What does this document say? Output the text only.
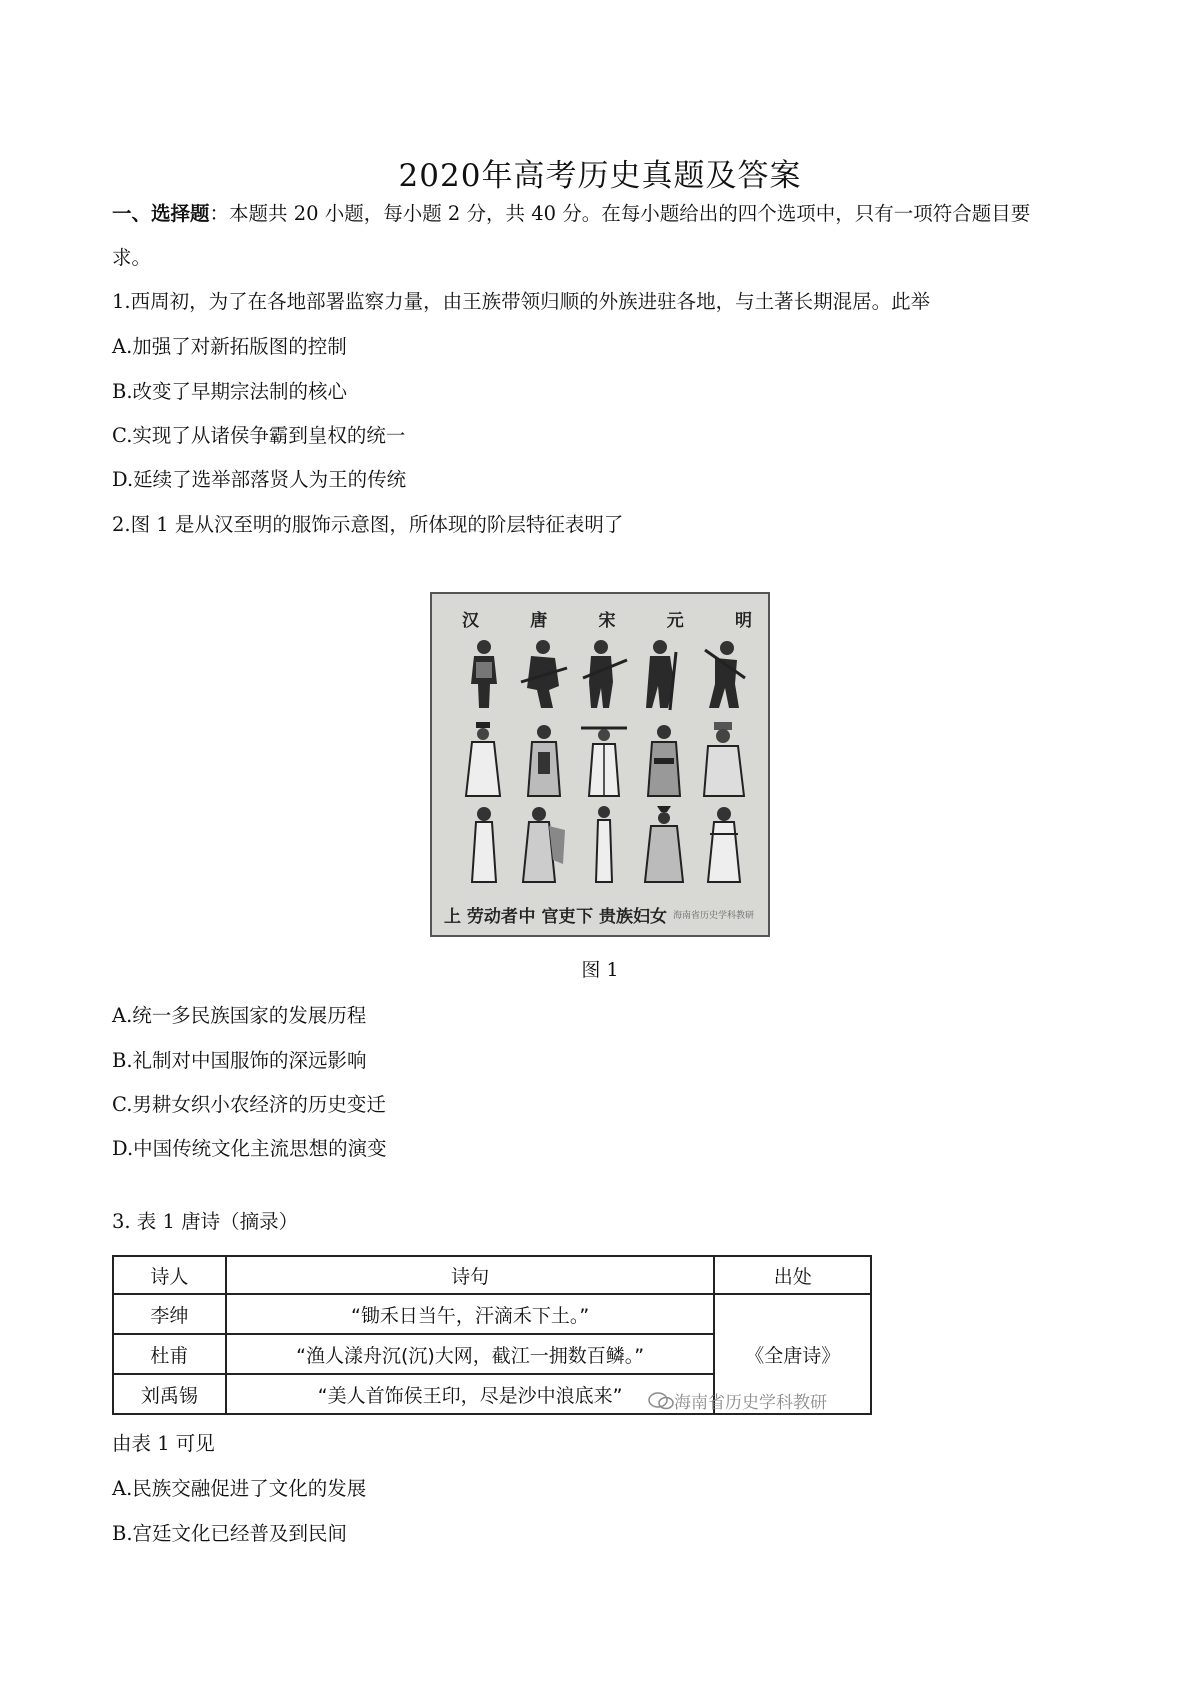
2020年高考历史真题及答案
一、选择题：本题共 20 小题，每小题 2 分，共 40 分。在每小题给出的四个选项中，只有一项符合题目要
求。
1.西周初，为了在各地部署监察力量，由王族带领归顺的外族进驻各地，与土著长期混居。此举
A.加强了对新拓版图的控制
B.改变了早期宗法制的核心
C.实现了从诸侯争霸到皇权的统一
D.延续了选举部落贤人为王的传统
2.图 1 是从汉至明的服饰示意图，所体现的阶层特征表明了
汉	唐	宋	元	明
上 劳动者 中 官吏 下 贵族妇女 海南省历史学科教研
图 1
A.统一多民族国家的发展历程
B.礼制对中国服饰的深远影响
C.男耕女织小农经济的历史变迁
D.中国传统文化主流思想的演变
3. 表 1 唐诗（摘录）
诗人	诗句	出处
李绅	“锄禾日当午，汗滴禾下土。”	《全唐诗》
杜甫	“渔人漾舟沉(沉)大网，截江一拥数百鳞。”	
刘禹锡	“美人首饰侯王印，尽是沙中浪底来”		海南省历史学科教研
由表 1 可见
A.民族交融促进了文化的发展
B.宫廷文化已经普及到民间
